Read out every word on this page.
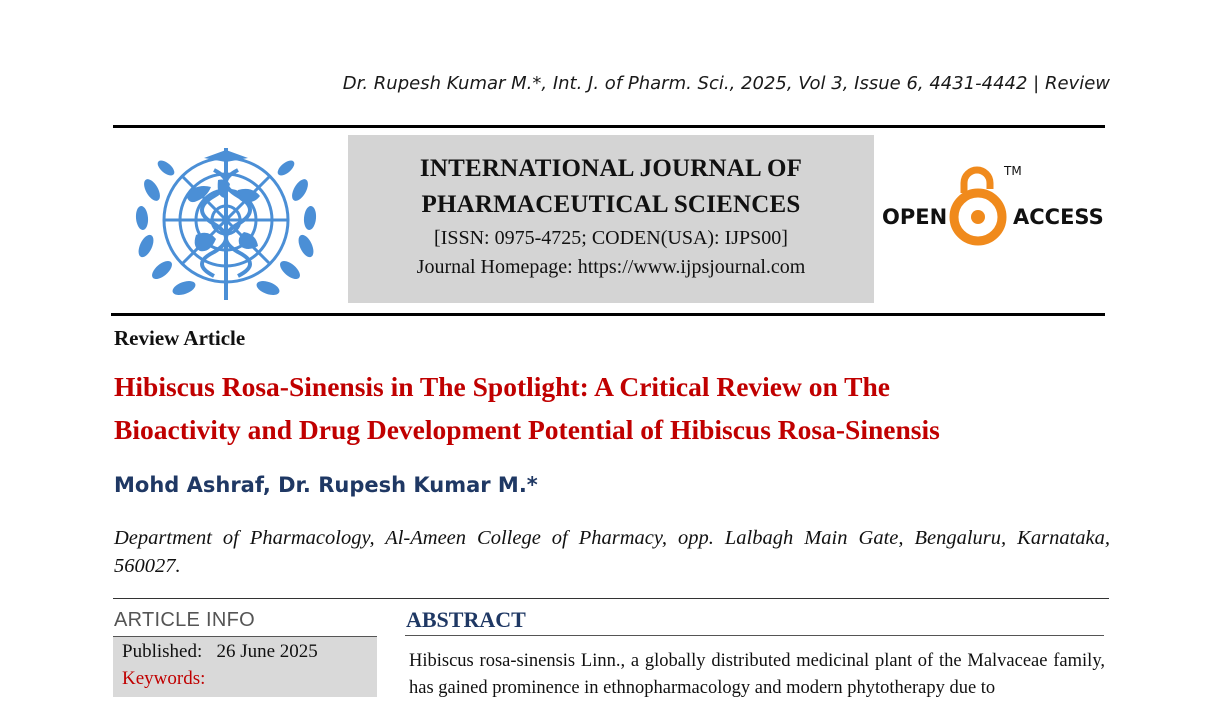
Dr. Rupesh Kumar M.*, Int. J. of Pharm. Sci., 2025, Vol 3, Issue 6, 4431-4442 | Review
INTERNATIONAL JOURNAL OF
PHARMACEUTICAL SCIENCES
[ISSN: 0975-4725; CODEN(USA): IJPS00]
Journal Homepage: https://www.ijpsjournal.com
OPEN
TM
ACCESS
Review Article
Hibiscus Rosa-Sinensis in The Spotlight: A Critical Review on The
Bioactivity and Drug Development Potential of Hibiscus Rosa-Sinensis
Mohd Ashraf, Dr. Rupesh Kumar M.*
Department of Pharmacology, Al-Ameen College of Pharmacy, opp. Lalbagh Main Gate, Bengaluru, Karnataka, 560027.
ARTICLE INFO
Published: 26 June 2025
Keywords:
ABSTRACT
Hibiscus rosa-sinensis Linn., a globally distributed medicinal plant of the Malvaceae family, has gained prominence in ethnopharmacology and modern phytotherapy due to
